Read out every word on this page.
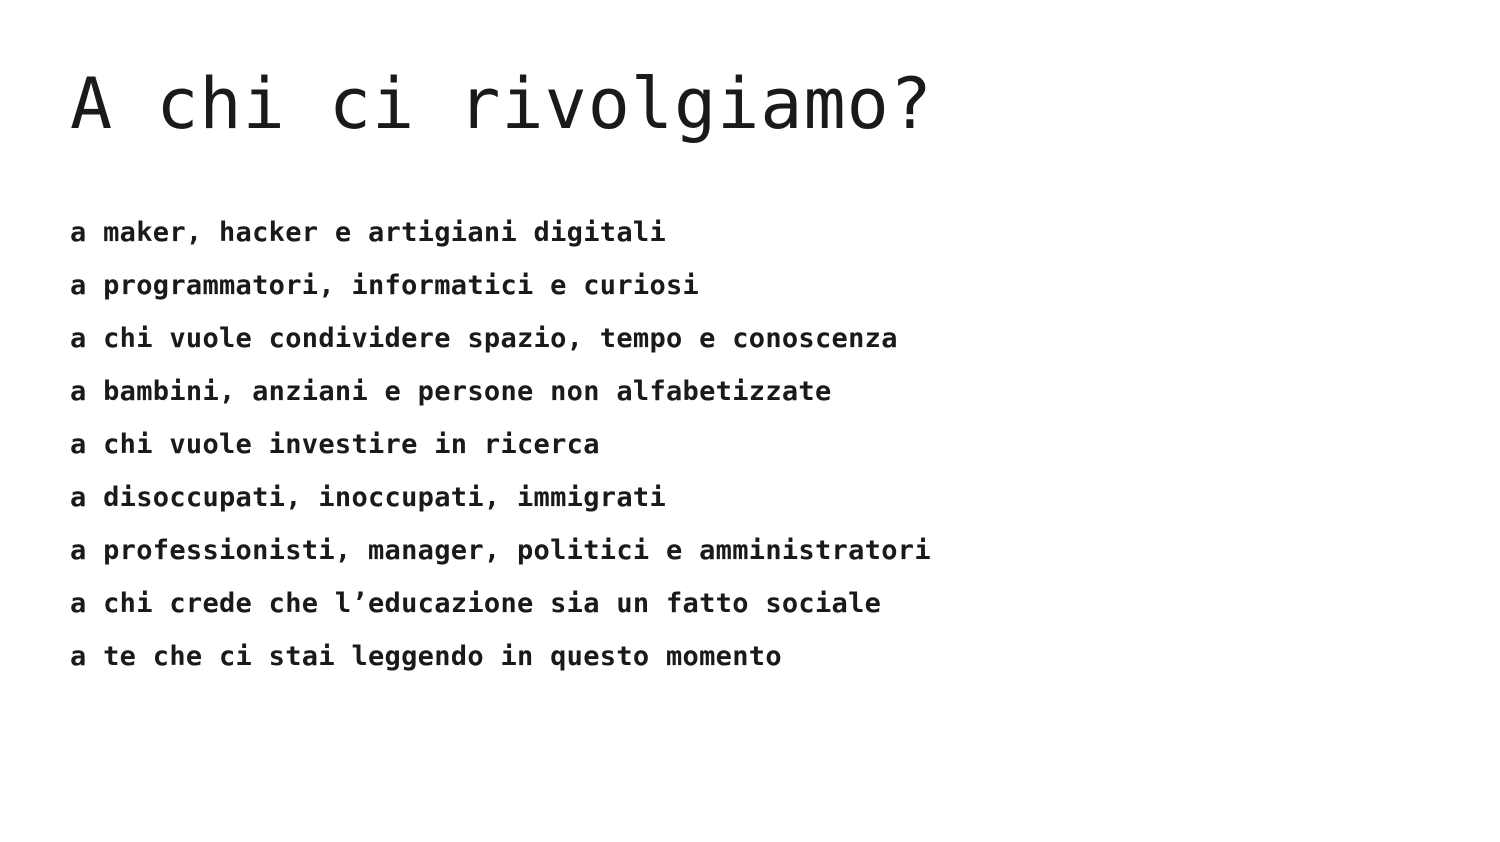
A chi ci rivolgiamo?
a maker, hacker e artigiani digitali
a programmatori, informatici e curiosi
a chi vuole condividere spazio, tempo e conoscenza
a bambini, anziani e persone non alfabetizzate
a chi vuole investire in ricerca
a disoccupati, inoccupati, immigrati
a professionisti, manager, politici e amministratori
a chi crede che l’educazione sia un fatto sociale
a te che ci stai leggendo in questo momento
